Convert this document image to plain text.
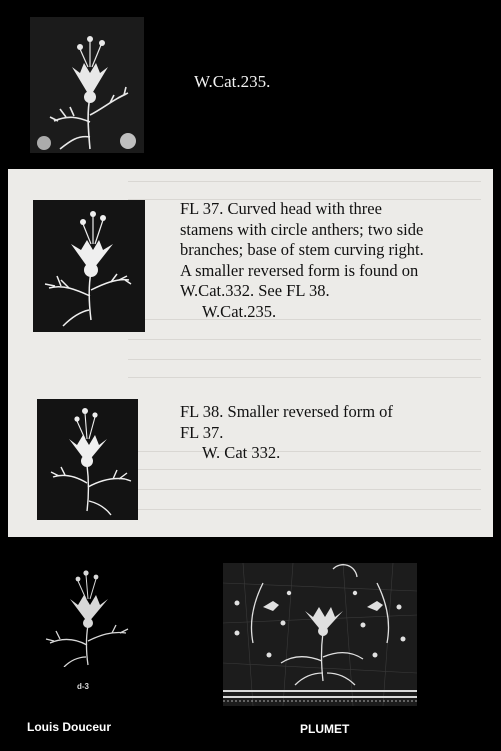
W.Cat.235.
FL 37. Curved head with three
stamens with circle anthers; two side
branches; base of stem curving right.
A smaller reversed form is found on
W.Cat.332. See FL 38.
W.Cat.235.
FL 38. Smaller reversed form of
FL 37.
W. Cat 332.
d-3
Louis Douceur	PLUMET
